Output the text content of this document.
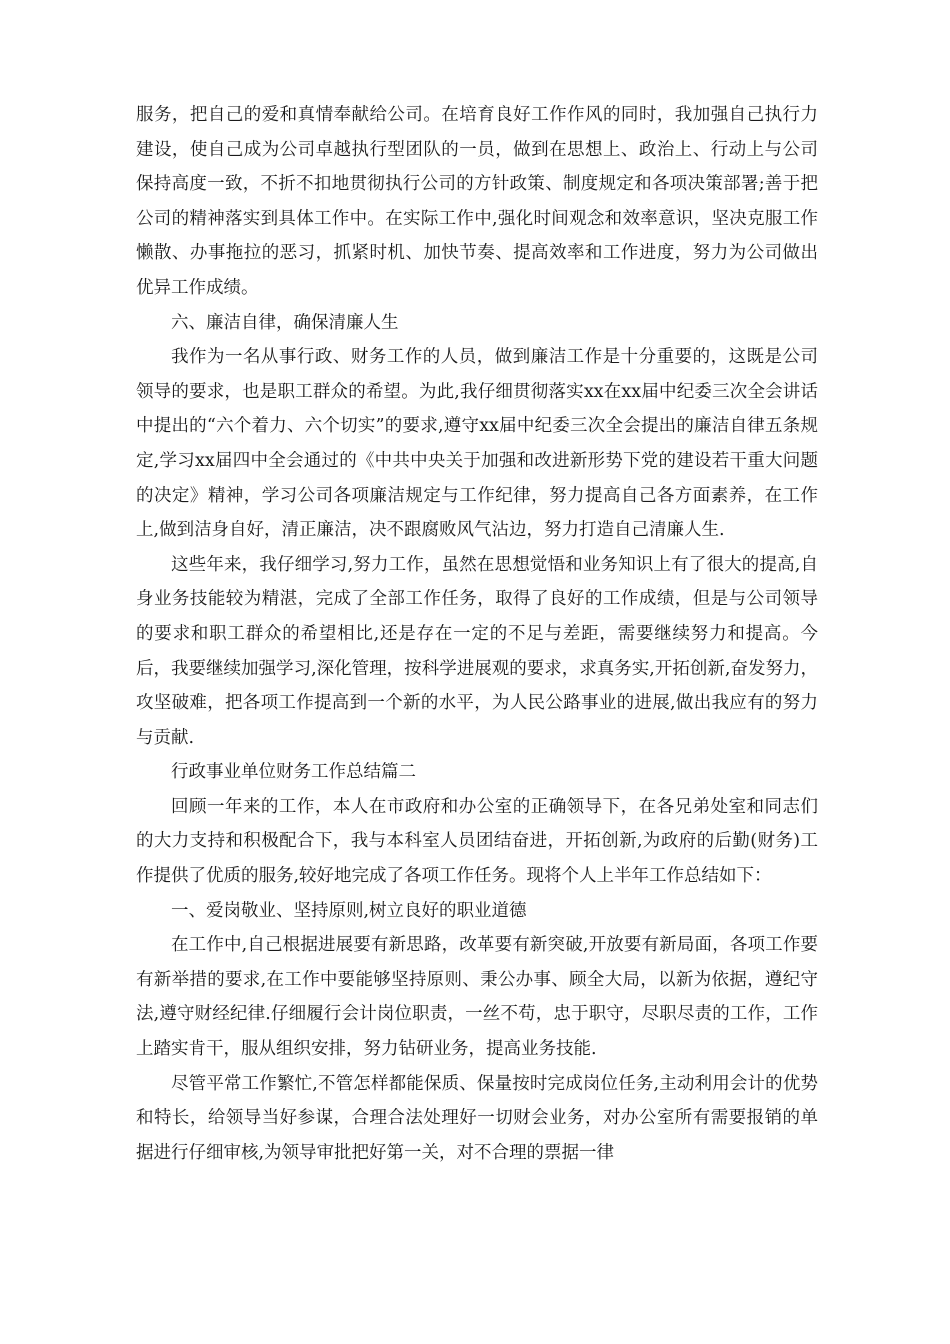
服务，把自己的爱和真情奉献给公司。在培育良好工作作风的同时，我加强自己执行力建设，使自己成为公司卓越执行型团队的一员，做到在思想上、政治上、行动上与公司保持高度一致，不折不扣地贯彻执行公司的方针政策、制度规定和各项决策部署;善于把公司的精神落实到具体工作中。在实际工作中,强化时间观念和效率意识，坚决克服工作懒散、办事拖拉的恶习，抓紧时机、加快节奏、提高效率和工作进度，努力为公司做出优异工作成绩。

六、廉洁自律，确保清廉人生

我作为一名从事行政、财务工作的人员，做到廉洁工作是十分重要的，这既是公司领导的要求，也是职工群众的希望。为此,我仔细贯彻落实xx在xx届中纪委三次全会讲话中提出的“六个着力、六个切实”的要求,遵守xx届中纪委三次全会提出的廉洁自律五条规定,学习xx届四中全会通过的《中共中央关于加强和改进新形势下党的建设若干重大问题的决定》精神，学习公司各项廉洁规定与工作纪律，努力提高自己各方面素养，在工作上,做到洁身自好，清正廉洁，决不跟腐败风气沾边，努力打造自己清廉人生.

这些年来，我仔细学习,努力工作，虽然在思想觉悟和业务知识上有了很大的提高,自身业务技能较为精湛，完成了全部工作任务，取得了良好的工作成绩，但是与公司领导的要求和职工群众的希望相比,还是存在一定的不足与差距，需要继续努力和提高。今后，我要继续加强学习,深化管理，按科学进展观的要求，求真务实,开拓创新,奋发努力，攻坚破难，把各项工作提高到一个新的水平，为人民公路事业的进展,做出我应有的努力与贡献.

行政事业单位财务工作总结篇二

回顾一年来的工作，本人在市政府和办公室的正确领导下，在各兄弟处室和同志们的大力支持和积极配合下，我与本科室人员团结奋进，开拓创新,为政府的后勤(财务)工作提供了优质的服务,较好地完成了各项工作任务。现将个人上半年工作总结如下：

一、爱岗敬业、坚持原则,树立良好的职业道德

在工作中,自己根据进展要有新思路，改革要有新突破,开放要有新局面，各项工作要有新举措的要求,在工作中要能够坚持原则、秉公办事、顾全大局，以新为依据，遵纪守法,遵守财经纪律.仔细履行会计岗位职责，一丝不苟，忠于职守，尽职尽责的工作，工作上踏实肯干，服从组织安排，努力钻研业务，提高业务技能.

尽管平常工作繁忙,不管怎样都能保质、保量按时完成岗位任务,主动利用会计的优势和特长，给领导当好参谋，合理合法处理好一切财会业务，对办公室所有需要报销的单据进行仔细审核,为领导审批把好第一关，对不合理的票据一律
